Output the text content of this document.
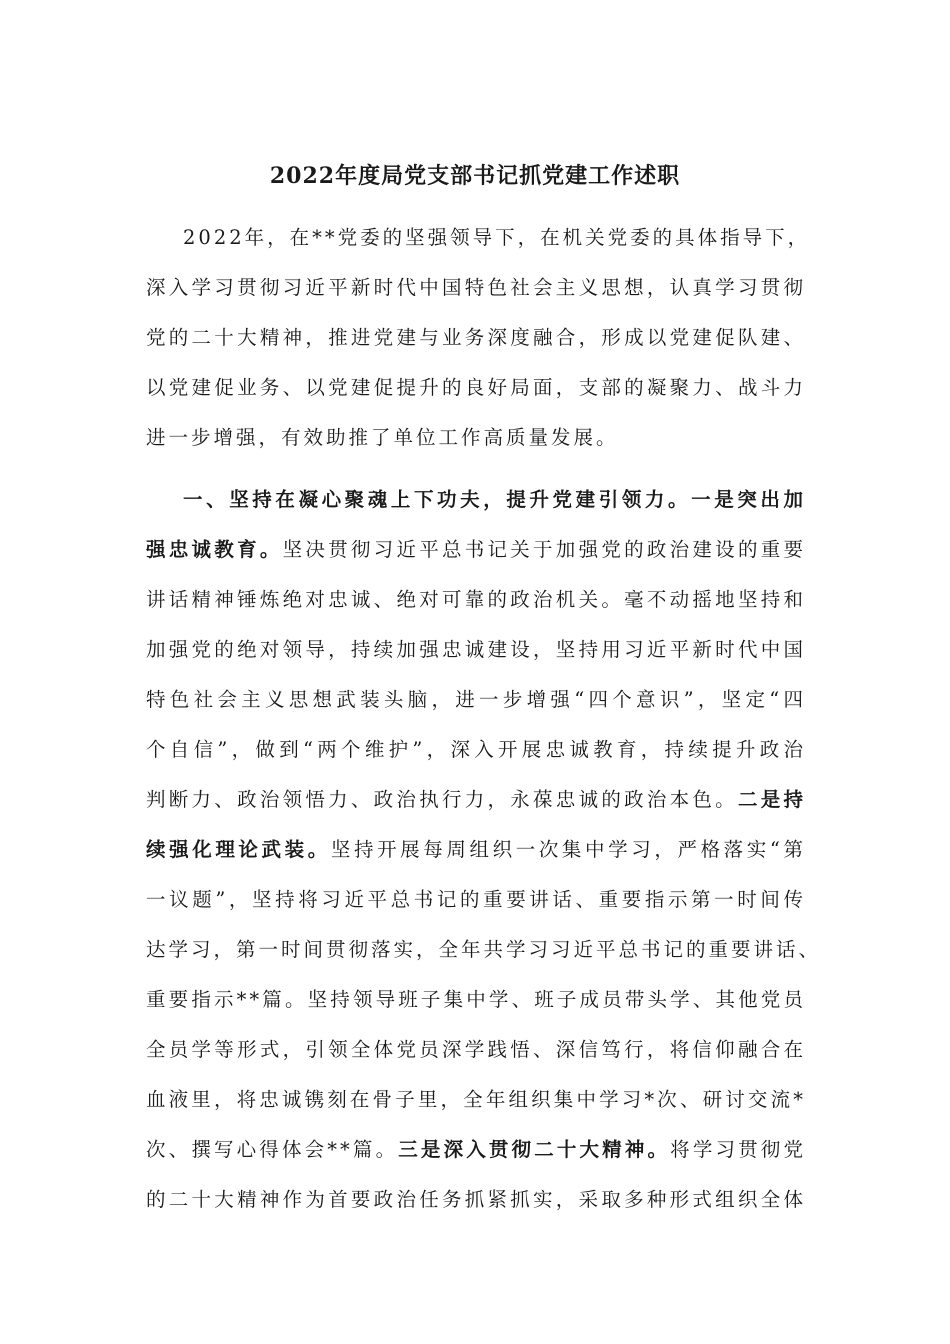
2022年度局党支部书记抓党建工作述职
2022年，在**党委的坚强领导下，在机关党委的具体指导下，
深入学习贯彻习近平新时代中国特色社会主义思想，认真学习贯彻
党的二十大精神，推进党建与业务深度融合，形成以党建促队建、
以党建促业务、以党建促提升的良好局面，支部的凝聚力、战斗力
进一步增强，有效助推了单位工作高质量发展。
一、坚持在凝心聚魂上下功夫，提升党建引领力。一是突出加
强忠诚教育。坚决贯彻习近平总书记关于加强党的政治建设的重要
讲话精神锤炼绝对忠诚、绝对可靠的政治机关。毫不动摇地坚持和
加强党的绝对领导，持续加强忠诚建设，坚持用习近平新时代中国
特色社会主义思想武装头脑，进一步增强“四个意识”，坚定“四
个自信”，做到“两个维护”，深入开展忠诚教育，持续提升政治
判断力、政治领悟力、政治执行力，永葆忠诚的政治本色。二是持
续强化理论武装。坚持开展每周组织一次集中学习，严格落实“第
一议题”，坚持将习近平总书记的重要讲话、重要指示第一时间传
达学习，第一时间贯彻落实，全年共学习习近平总书记的重要讲话、
重要指示**篇。坚持领导班子集中学、班子成员带头学、其他党员
全员学等形式，引领全体党员深学践悟、深信笃行，将信仰融合在
血液里，将忠诚镌刻在骨子里，全年组织集中学习*次、研讨交流*
次、撰写心得体会**篇。三是深入贯彻二十大精神。将学习贯彻党
的二十大精神作为首要政治任务抓紧抓实，采取多种形式组织全体
